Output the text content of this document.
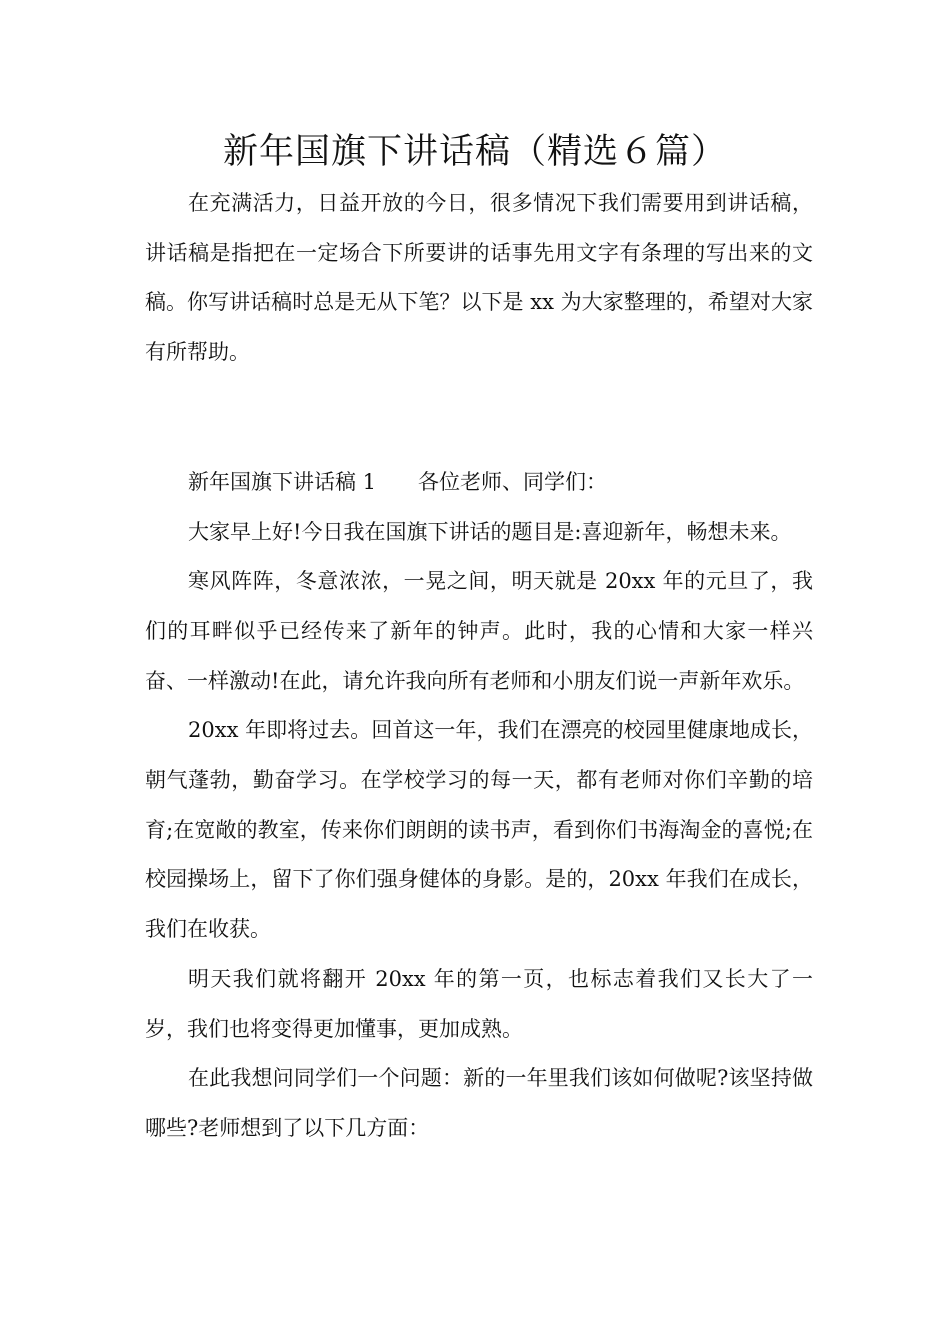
新年国旗下讲话稿（精选６篇）

在充满活力，日益开放的今日，很多情况下我们需要用到讲话稿，讲话稿是指把在一定场合下所要讲的话事先用文字有条理的写出来的文稿。你写讲话稿时总是无从下笔？以下是 xx 为大家整理的，希望对大家有所帮助。

新年国旗下讲话稿 1 各位老师、同学们：

大家早上好!今日我在国旗下讲话的题目是:喜迎新年，畅想未来。

寒风阵阵，冬意浓浓，一晃之间，明天就是 20xx 年的元旦了，我们的耳畔似乎已经传来了新年的钟声。此时，我的心情和大家一样兴奋、一样激动!在此，请允许我向所有老师和小朋友们说一声新年欢乐。

20xx 年即将过去。回首这一年，我们在漂亮的校园里健康地成长，朝气蓬勃，勤奋学习。在学校学习的每一天，都有老师对你们辛勤的培育;在宽敞的教室，传来你们朗朗的读书声，看到你们书海淘金的喜悦;在校园操场上，留下了你们强身健体的身影。是的，20xx 年我们在成长，我们在收获。

明天我们就将翻开 20xx 年的第一页，也标志着我们又长大了一岁，我们也将变得更加懂事，更加成熟。

在此我想问同学们一个问题：新的一年里我们该如何做呢?该坚持做哪些?老师想到了以下几方面：
